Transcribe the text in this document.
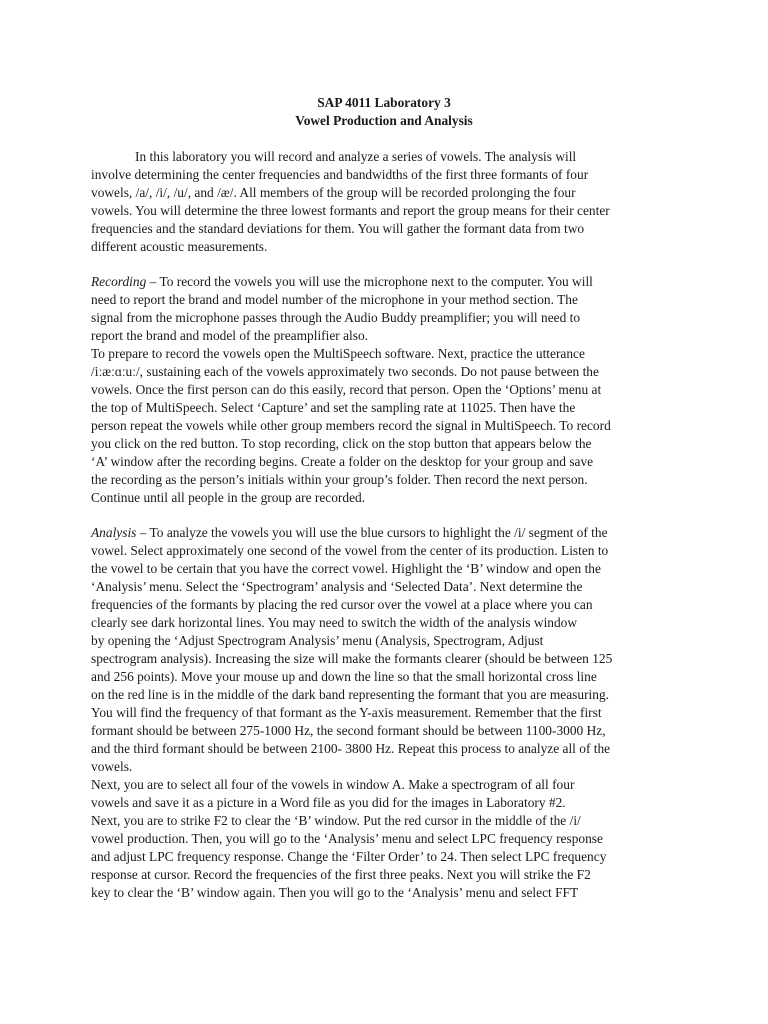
SAP 4011 Laboratory 3
Vowel Production and Analysis
In this laboratory you will record and analyze a series of vowels. The analysis will
involve determining the center frequencies and bandwidths of the first three formants of four
vowels, /a/, /i/, /u/, and /æ/. All members of the group will be recorded prolonging the four
vowels. You will determine the three lowest formants and report the group means for their center
frequencies and the standard deviations for them. You will gather the formant data from two
different acoustic measurements.
Recording – To record the vowels you will use the microphone next to the computer. You will
need to report the brand and model number of the microphone in your method section. The
signal from the microphone passes through the Audio Buddy preamplifier; you will need to
report the brand and model of the preamplifier also.
To prepare to record the vowels open the MultiSpeech software. Next, practice the utterance
/iːæːɑːuː/, sustaining each of the vowels approximately two seconds. Do not pause between the
vowels. Once the first person can do this easily, record that person. Open the ‘Options’ menu at
the top of MultiSpeech. Select ‘Capture’ and set the sampling rate at 11025. Then have the
person repeat the vowels while other group members record the signal in MultiSpeech. To record
you click on the red button. To stop recording, click on the stop button that appears below the
‘A’ window after the recording begins. Create a folder on the desktop for your group and save
the recording as the person’s initials within your group’s folder. Then record the next person.
Continue until all people in the group are recorded.
Analysis – To analyze the vowels you will use the blue cursors to highlight the /i/ segment of the
vowel. Select approximately one second of the vowel from the center of its production. Listen to
the vowel to be certain that you have the correct vowel. Highlight the ‘B’ window and open the
‘Analysis’ menu. Select the ‘Spectrogram’ analysis and ‘Selected Data’. Next determine the
frequencies of the formants by placing the red cursor over the vowel at a place where you can
clearly see dark horizontal lines. You may need to switch the width of the analysis window
by opening the ‘Adjust Spectrogram Analysis’ menu (Analysis, Spectrogram, Adjust
spectrogram analysis). Increasing the size will make the formants clearer (should be between 125
and 256 points). Move your mouse up and down the line so that the small horizontal cross line
on the red line is in the middle of the dark band representing the formant that you are measuring.
You will find the frequency of that formant as the Y-axis measurement. Remember that the first
formant should be between 275-1000 Hz, the second formant should be between 1100-3000 Hz,
and the third formant should be between 2100- 3800 Hz. Repeat this process to analyze all of the
vowels.
Next, you are to select all four of the vowels in window A. Make a spectrogram of all four
vowels and save it as a picture in a Word file as you did for the images in Laboratory #2.
Next, you are to strike F2 to clear the ‘B’ window. Put the red cursor in the middle of the /i/
vowel production. Then, you will go to the ‘Analysis’ menu and select LPC frequency response
and adjust LPC frequency response. Change the ‘Filter Order’ to 24. Then select LPC frequency
response at cursor. Record the frequencies of the first three peaks. Next you will strike the F2
key to clear the ‘B’ window again. Then you will go to the ‘Analysis’ menu and select FFT
